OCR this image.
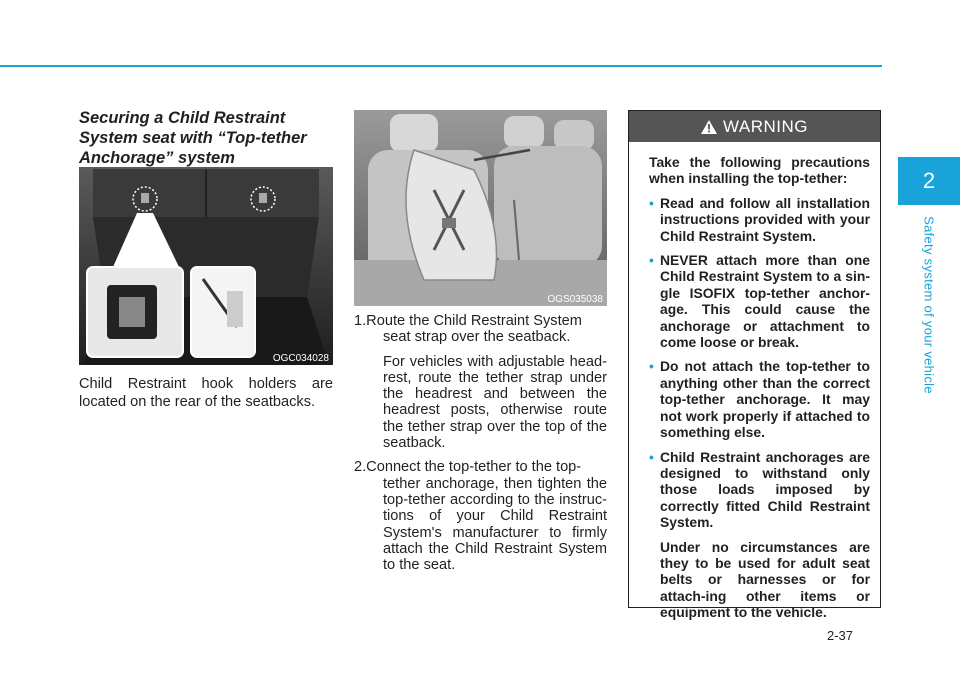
2
Safety system of your vehicle
Securing a Child Restraint System seat with “Top-tether Anchorage” system
OGC034028
Child Restraint hook holders are located on the rear of the seatbacks.
OGS035038
1.Route the Child Restraint System
seat strap over the seatback.
For vehicles with adjustable head-rest, route the tether strap under the headrest and between the headrest posts, otherwise route the tether strap over the top of the seatback.
2.Connect the top-tether to the top-
tether anchorage, then tighten the top-tether according to the instruc-tions of your Child Restraint System's manufacturer to firmly attach the Child Restraint System to the seat.
WARNING
Take the following precautions when installing the top-tether:
• Read and follow all installation instructions provided with your Child Restraint System.
• NEVER attach more than one Child Restraint System to a sin-gle ISOFIX top-tether anchor-age. This could cause the anchorage or attachment to come loose or break.
• Do not attach the top-tether to anything other than the correct top-tether anchorage. It may not work properly if attached to something else.
• Child Restraint anchorages are designed to withstand only those loads imposed by correctly fitted Child Restraint System.
Under no circumstances are they to be used for adult seat belts or harnesses or for attach-ing other items or equipment to the vehicle.
2-37
